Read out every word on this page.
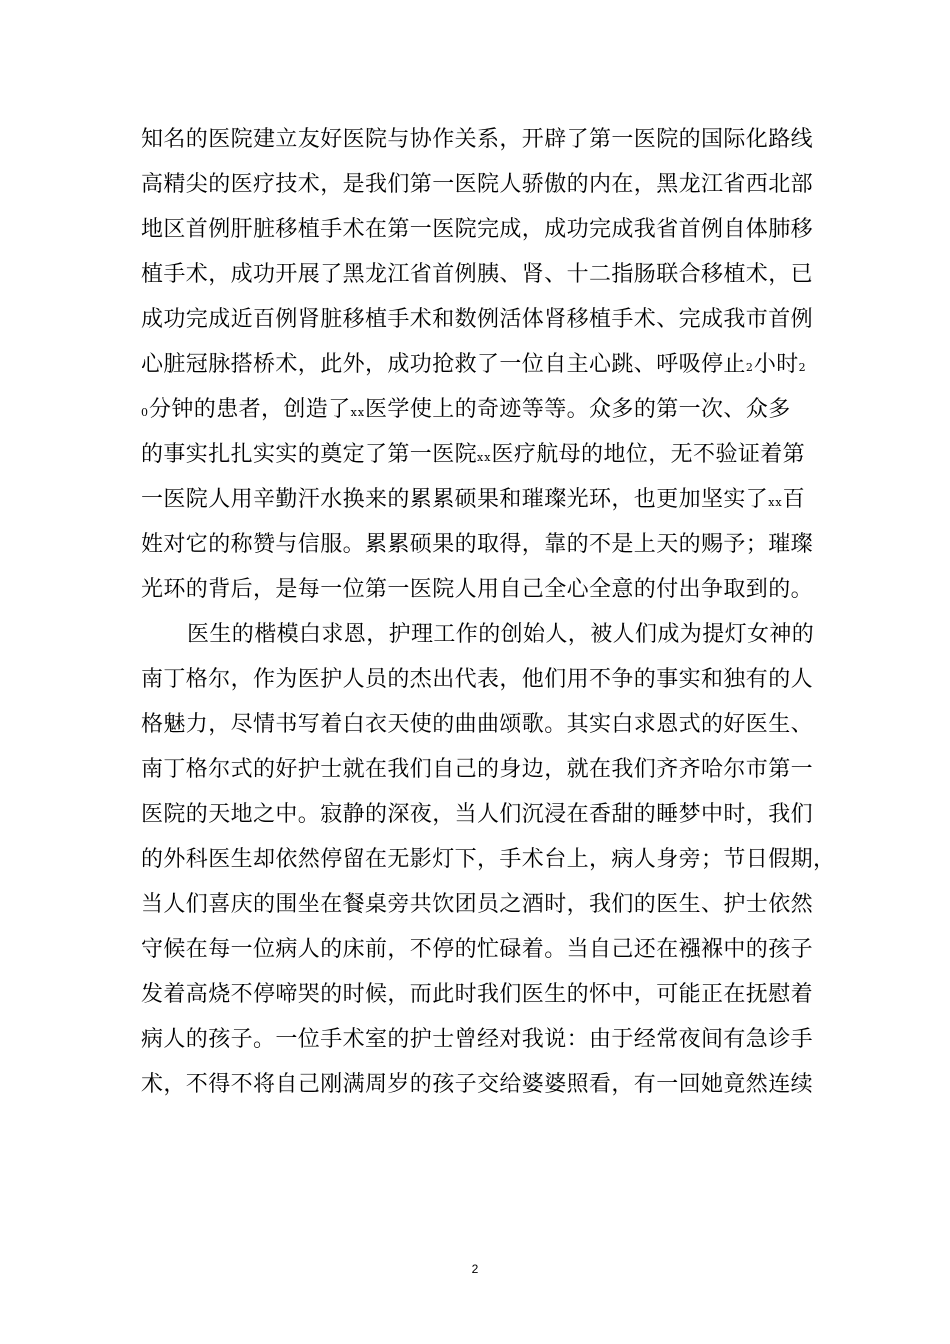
知名的医院建立友好医院与协作关系，开辟了第一医院的国际化路线

高精尖的医疗技术，是我们第一医院人骄傲的内在，黑龙江省西北部

地区首例肝脏移植手术在第一医院完成，成功完成我省首例自体肺移

植手术，成功开展了黑龙江省首例胰、肾、十二指肠联合移植术，已

成功完成近百例肾脏移植手术和数例活体肾移植手术、完成我市首例

心脏冠脉搭桥术，此外，成功抢救了一位自主心跳、呼吸停止2小时2

0分钟的患者，创造了xx医学使上的奇迹等等。众多的第一次、众多

的事实扎扎实实的奠定了第一医院xx医疗航母的地位，无不验证着第

一医院人用辛勤汗水换来的累累硕果和璀璨光环，也更加坚实了xx百

姓对它的称赞与信服。累累硕果的取得，靠的不是上天的赐予；璀璨

光环的背后，是每一位第一医院人用自己全心全意的付出争取到的。

医生的楷模白求恩，护理工作的创始人，被人们成为提灯女神的

南丁格尔，作为医护人员的杰出代表，他们用不争的事实和独有的人

格魅力，尽情书写着白衣天使的曲曲颂歌。其实白求恩式的好医生、

南丁格尔式的好护士就在我们自己的身边，就在我们齐齐哈尔市第一

医院的天地之中。寂静的深夜，当人们沉浸在香甜的睡梦中时，我们

的外科医生却依然停留在无影灯下，手术台上，病人身旁；节日假期，

当人们喜庆的围坐在餐桌旁共饮团员之酒时，我们的医生、护士依然

守候在每一位病人的床前，不停的忙碌着。当自己还在襁褓中的孩子

发着高烧不停啼哭的时候，而此时我们医生的怀中，可能正在抚慰着

病人的孩子。一位手术室的护士曾经对我说：由于经常夜间有急诊手

术，不得不将自己刚满周岁的孩子交给婆婆照看，有一回她竟然连续

2
